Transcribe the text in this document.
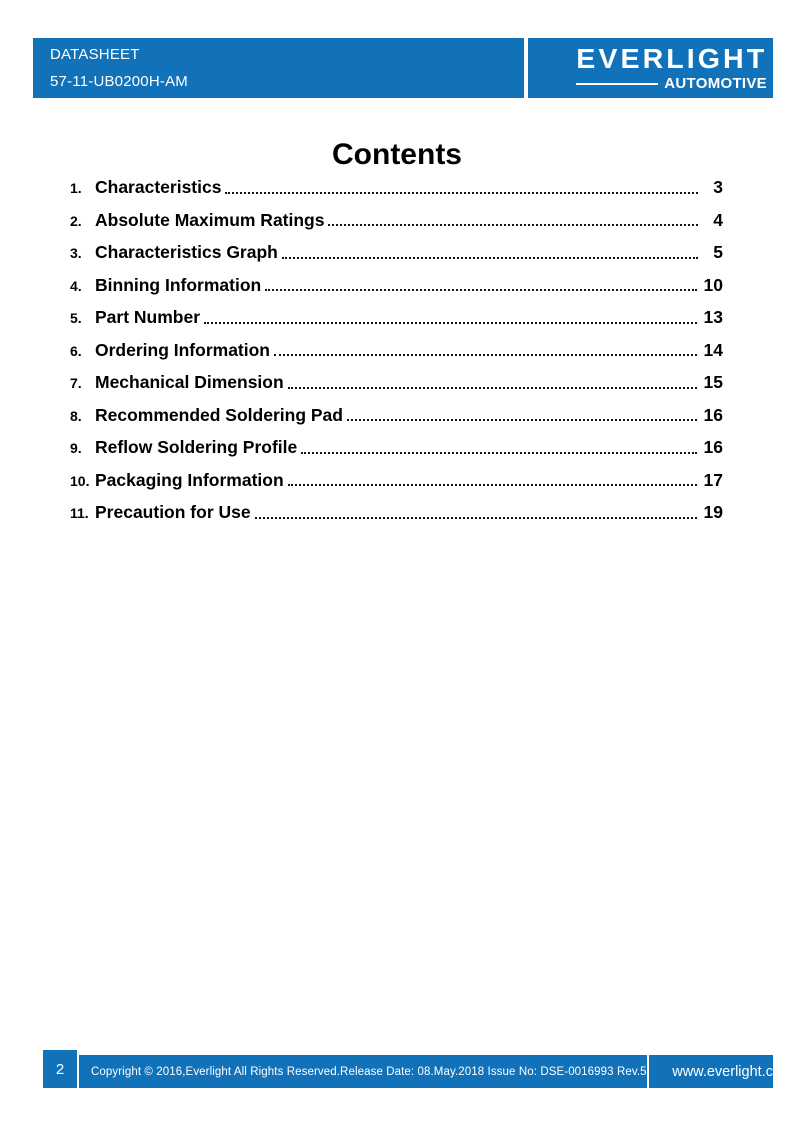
DATASHEET
57-11-UB0200H-AM
EVERLIGHT
AUTOMOTIVE
Contents
1. Characteristics	3
2. Absolute Maximum Ratings	4
3. Characteristics Graph	5
4. Binning Information	10
5. Part Number	13
6. Ordering Information	14
7. Mechanical Dimension	15
8. Recommended Soldering Pad	16
9. Reflow Soldering Profile	16
10. Packaging Information	17
11. Precaution for Use	19
Copyright © 2016,Everlight All Rights Reserved.Release Date: 08.May.2018 Issue No: DSE-0016993 Rev.5	www.everlight.com
2
